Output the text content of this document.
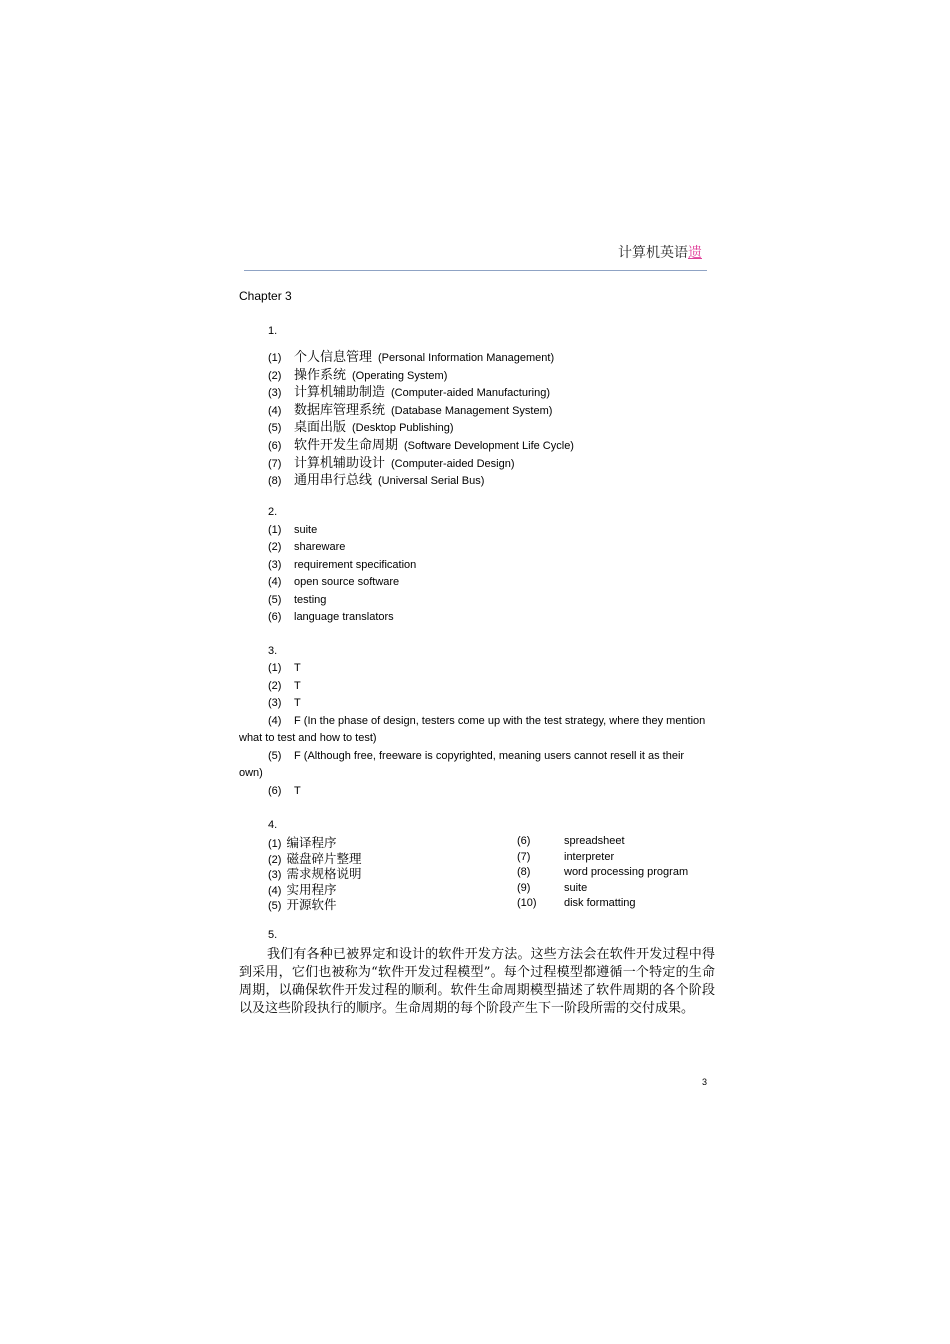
计算机英语遗
Chapter 3
1.
(1) 个人信息管理 (Personal Information Management)
(2) 操作系统 (Operating System)
(3) 计算机辅助制造 (Computer-aided Manufacturing)
(4) 数据库管理系统 (Database Management System)
(5) 桌面出版 (Desktop Publishing)
(6) 软件开发生命周期 (Software Development Life Cycle)
(7) 计算机辅助设计 (Computer-aided Design)
(8) 通用串行总线 (Universal Serial Bus)
2.
(1) suite
(2) shareware
(3) requirement specification
(4) open source software
(5) testing
(6) language translators
3.
(1) T
(2) T
(3) T
(4) F (In the phase of design, testers come up with the test strategy, where they mention
what to test and how to test)
(5) F (Although free, freeware is copyrighted, meaning users cannot resell it as their
own)
(6) T
4.
(1) 编译程序	(6)	spreadsheet
(2) 磁盘碎片整理	(7)	interpreter
(3) 需求规格说明	(8)	word processing program
(4) 实用程序	(9)	suite
(5) 开源软件	(10) disk formatting
5.
我们有各种已被界定和设计的软件开发方法。这些方法会在软件开发过程中得到采用，它们也被称为“软件开发过程模型”。每个过程模型都遵循一个特定的生命周期，以确保软件开发过程的顺利。软件生命周期模型描述了软件周期的各个阶段以及这些阶段执行的顺序。生命周期的每个阶段产生下一阶段所需的交付成果。
3
